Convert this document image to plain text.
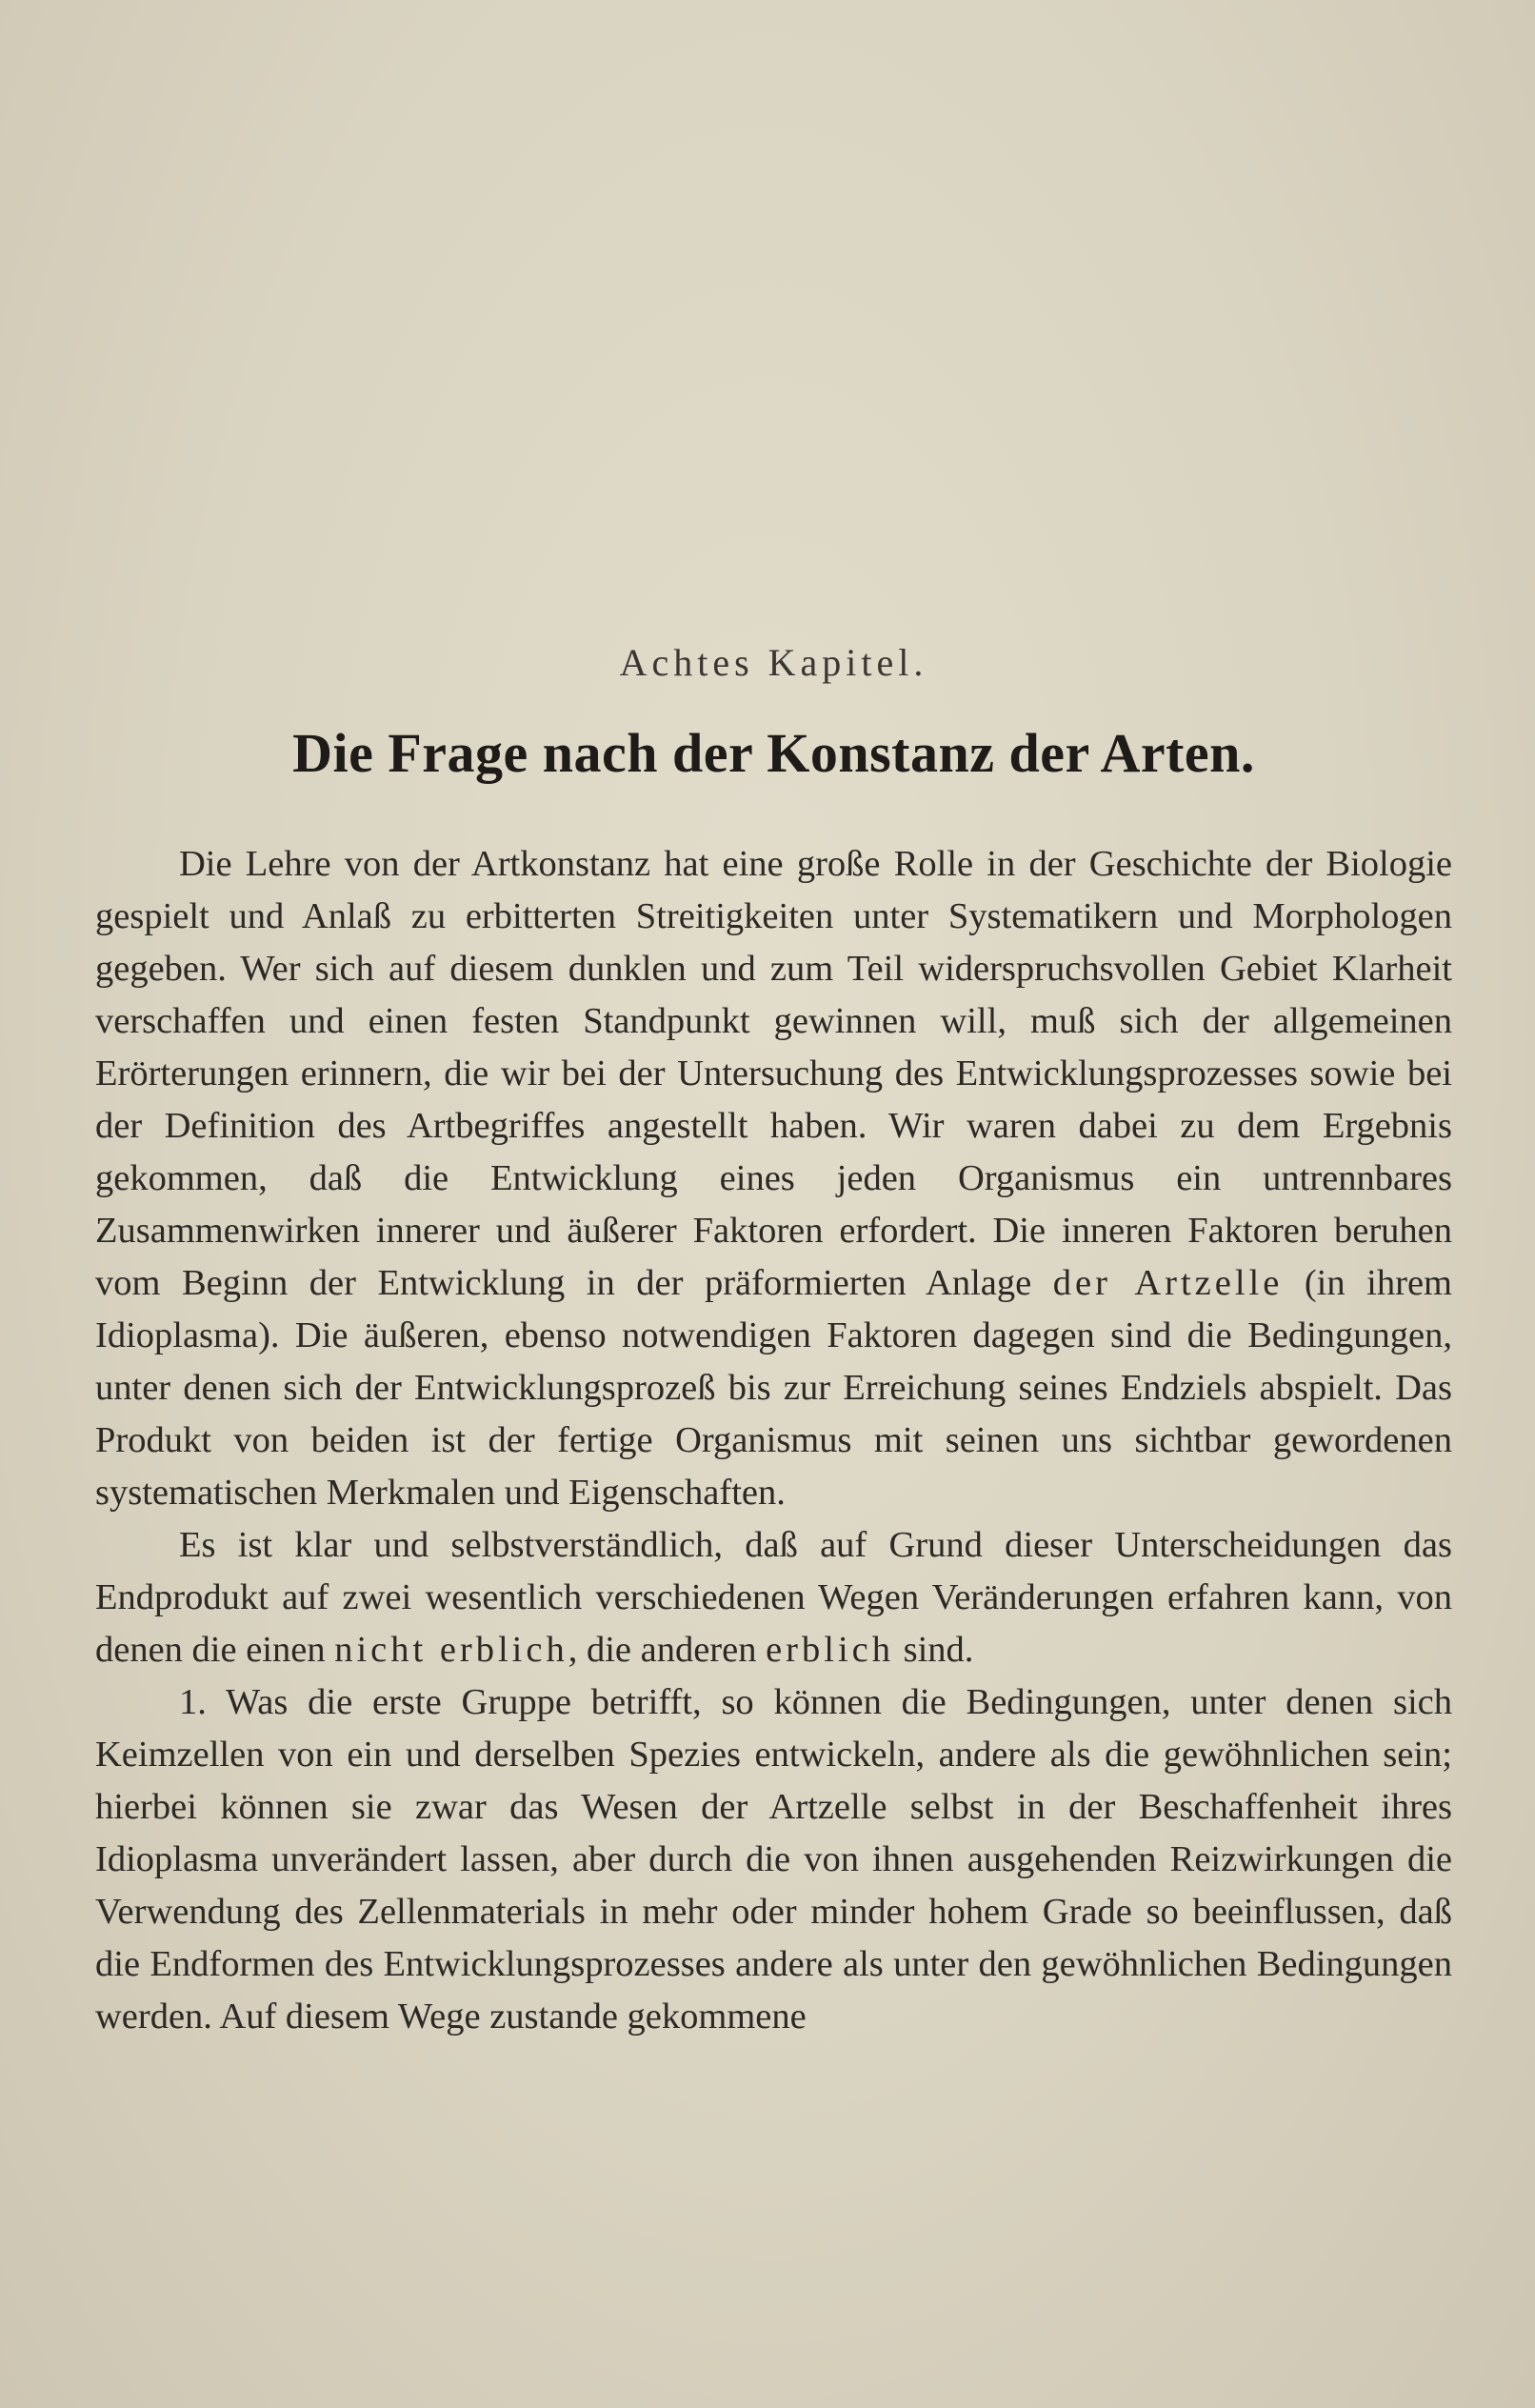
Achtes Kapitel.
Die Frage nach der Konstanz der Arten.

Die Lehre von der Artkonstanz hat eine große Rolle in der Geschichte der Biologie gespielt und Anlaß zu erbitterten Streitigkeiten unter Systematikern und Morphologen gegeben. Wer sich auf diesem dunklen und zum Teil widerspruchsvollen Gebiet Klarheit verschaffen und einen festen Standpunkt gewinnen will, muß sich der allgemeinen Erörterungen erinnern, die wir bei der Untersuchung des Entwicklungsprozesses sowie bei der Definition des Artbegriffes angestellt haben. Wir waren dabei zu dem Ergebnis gekommen, daß die Entwicklung eines jeden Organismus ein untrennbares Zusammenwirken innerer und äußerer Faktoren erfordert. Die inneren Faktoren beruhen vom Beginn der Entwicklung in der präformierten Anlage der Artzelle (in ihrem Idioplasma). Die äußeren, ebenso notwendigen Faktoren dagegen sind die Bedingungen, unter denen sich der Entwicklungsprozeß bis zur Erreichung seines Endziels abspielt. Das Produkt von beiden ist der fertige Organismus mit seinen uns sichtbar gewordenen systematischen Merkmalen und Eigenschaften.

Es ist klar und selbstverständlich, daß auf Grund dieser Unterscheidungen das Endprodukt auf zwei wesentlich verschiedenen Wegen Veränderungen erfahren kann, von denen die einen nicht erblich, die anderen erblich sind.

1. Was die erste Gruppe betrifft, so können die Bedingungen, unter denen sich Keimzellen von ein und derselben Spezies entwickeln, andere als die gewöhnlichen sein; hierbei können sie zwar das Wesen der Artzelle selbst in der Beschaffenheit ihres Idioplasma unverändert lassen, aber durch die von ihnen ausgehenden Reizwirkungen die Verwendung des Zellenmaterials in mehr oder minder hohem Grade so beeinflussen, daß die Endformen des Entwicklungsprozesses andere als unter den gewöhnlichen Bedingungen werden. Auf diesem Wege zustande gekommene
